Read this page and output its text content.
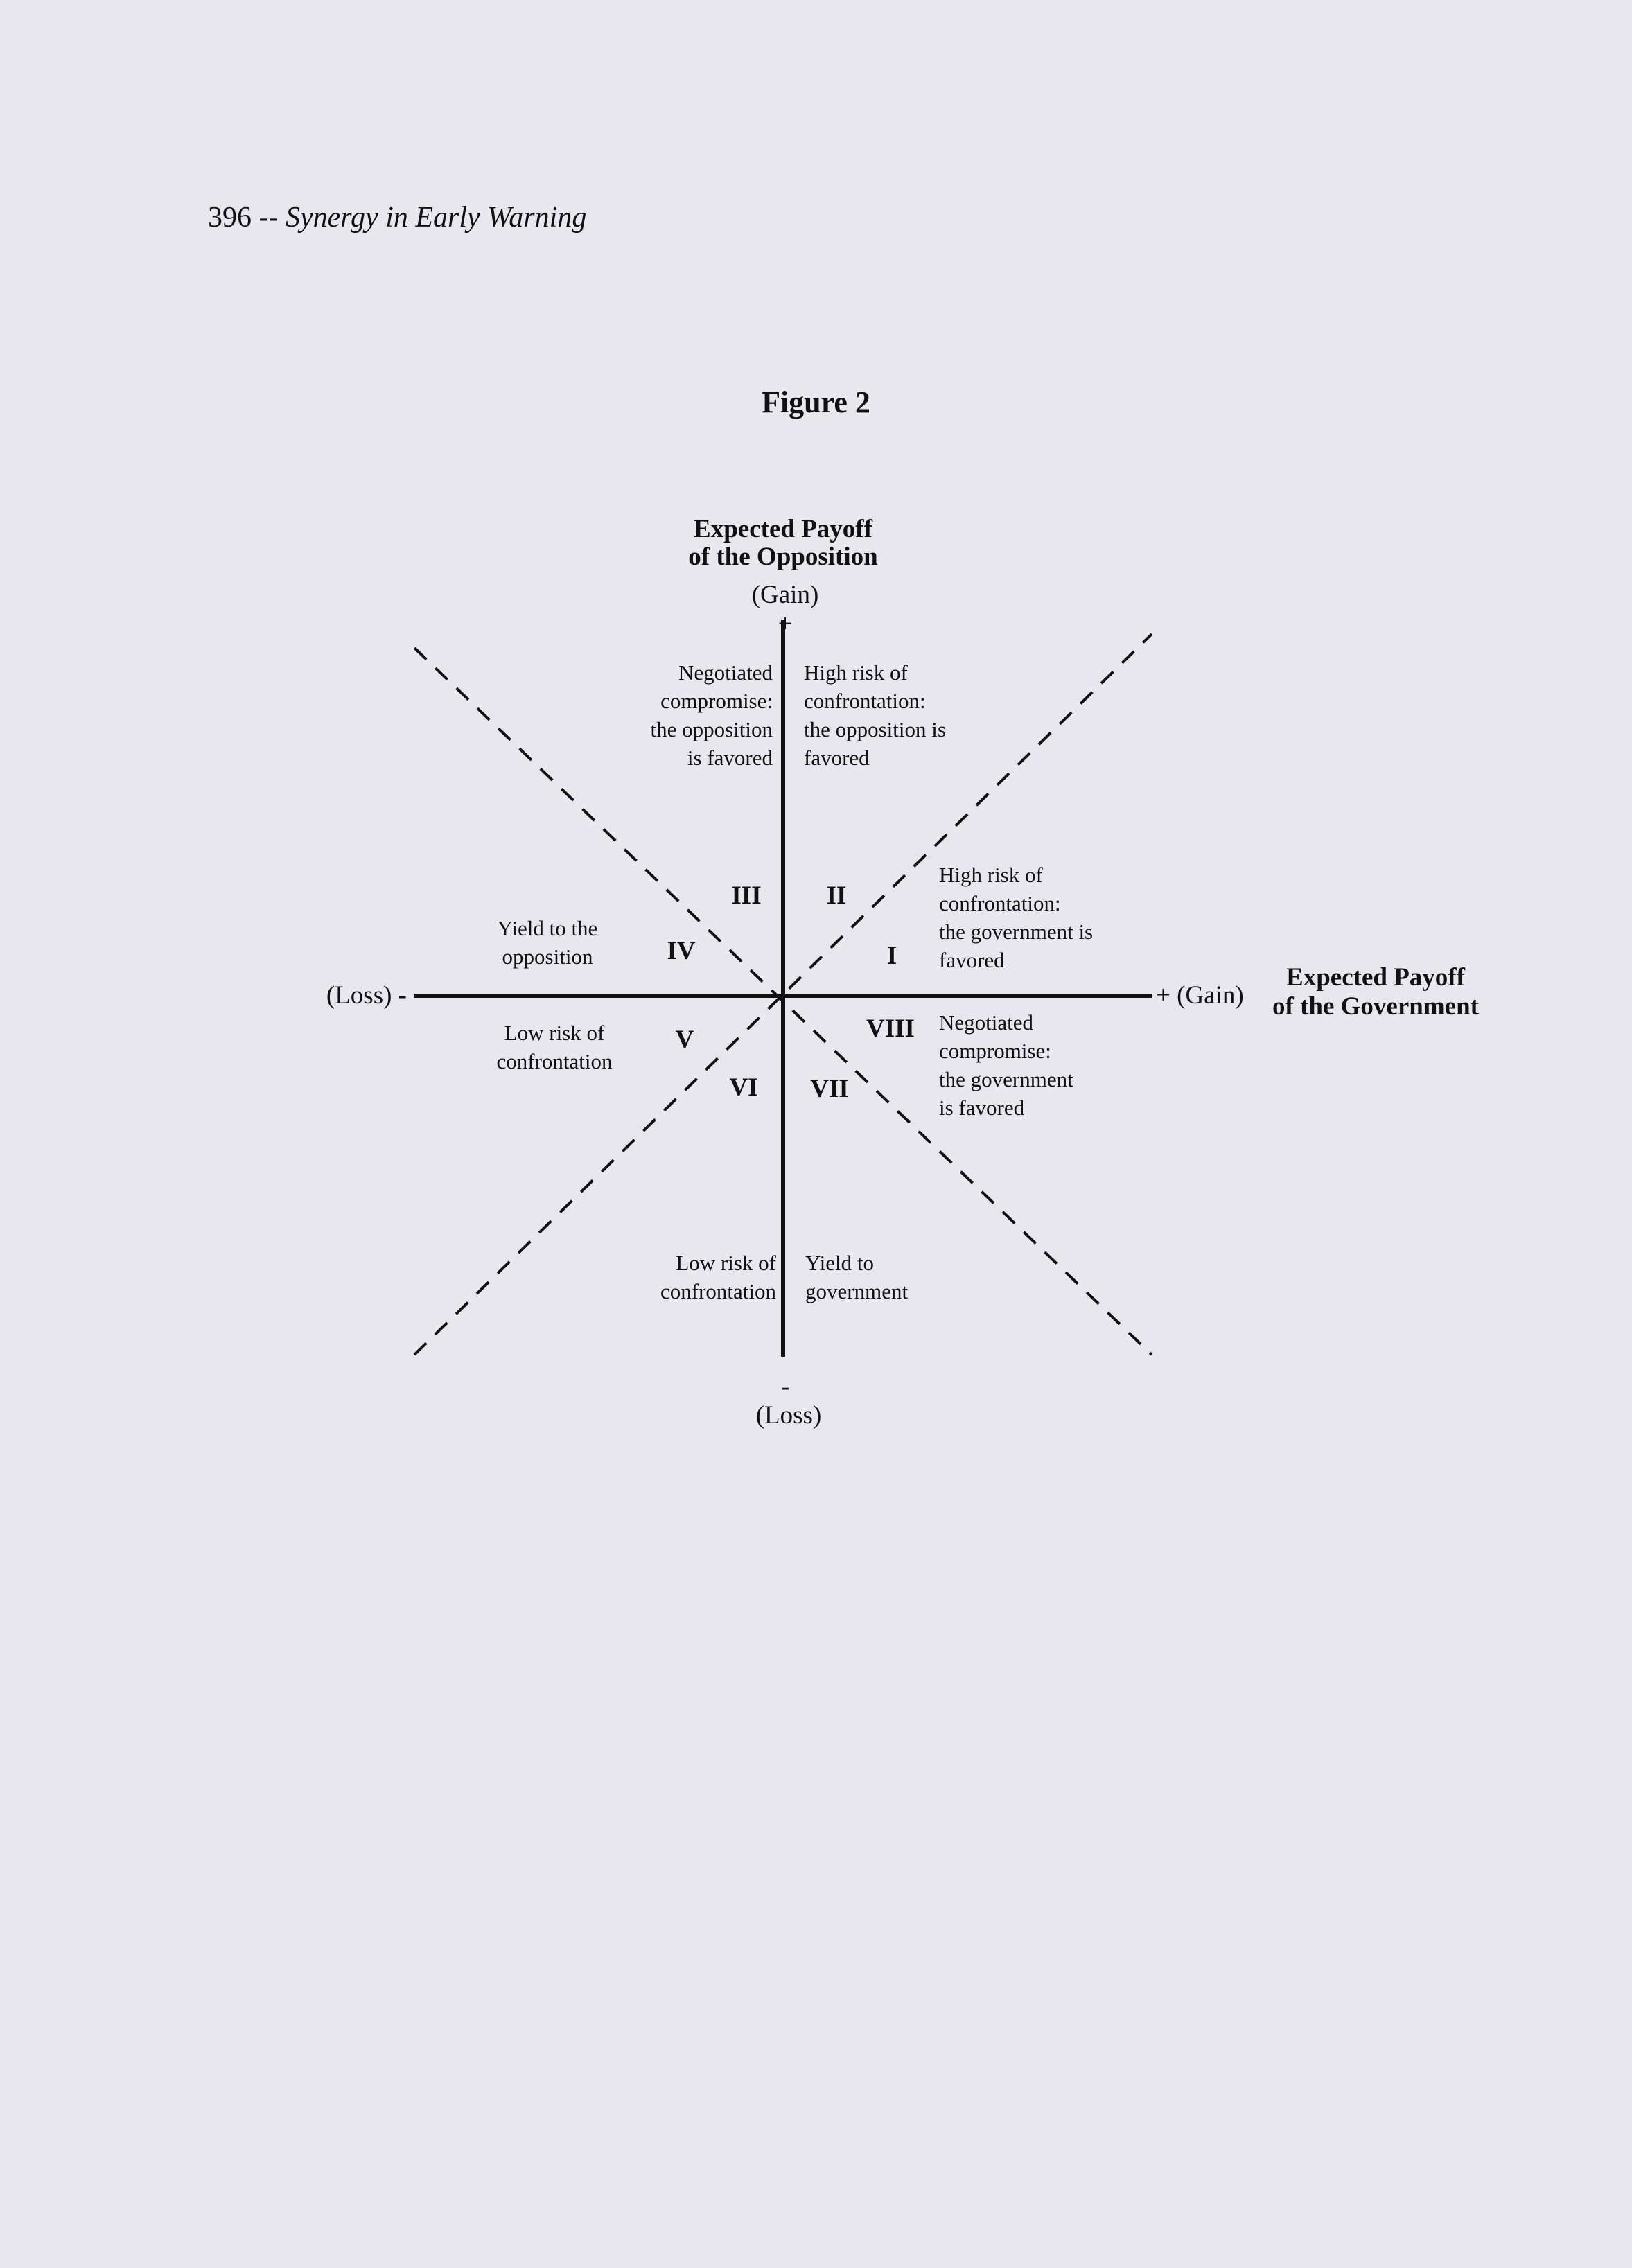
396 -- Synergy in Early Warning
Figure 2
Expected Payoff
of the Opposition
(Gain)
+
-
(Loss)
(Loss) -	+ (Gain)
Expected Payoff
of the Government
Negotiated
compromise:
the opposition
is favored
High risk of
confrontation:
the opposition is
favored
High risk of
confrontation:
the government is
favored
Yield to the
opposition
Low risk of
confrontation
Negotiated
compromise:
the government
is favored
Low risk of
confrontation
Yield to
government
III	II
IV	I
V	VIII
VI VII
